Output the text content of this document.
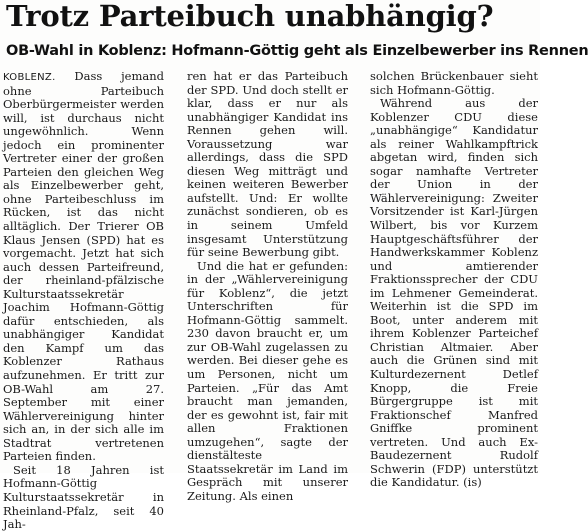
Trotz Parteibuch unabhängig?
OB-Wahl in Koblenz: Hofmann-Göttig geht als Einzelbewerber ins Rennen

KOBLENZ. Dass jemand ohne Parteibuch Oberbürgermeister werden will, ist durchaus nicht ungewöhnlich. Wenn jedoch ein prominenter Vertreter einer der großen Parteien den gleichen Weg als Einzelbewerber geht, ohne Parteibeschluss im Rücken, ist das nicht alltäglich. Der Trierer OB Klaus Jensen (SPD) hat es vorgemacht. Jetzt hat sich auch dessen Parteifreund, der rheinland-pfälzische Kulturstaatssekretär Joachim Hofmann-Göttig dafür entschieden, als unabhängiger Kandidat den Kampf um das Koblenzer Rathaus aufzunehmen. Er tritt zur OB-Wahl am 27. September mit einer Wählervereinigung hinter sich an, in der sich alle im Stadtrat vertretenen Parteien finden.

Seit 18 Jahren ist Hofmann-Göttig Kulturstaatssekretär in Rheinland-Pfalz, seit 40 Jah-

ren hat er das Parteibuch der SPD. Und doch stellt er klar, dass er nur als unabhängiger Kandidat ins Rennen gehen will. Voraussetzung war allerdings, dass die SPD diesen Weg mitträgt und keinen weiteren Bewerber aufstellt. Und: Er wollte zunächst sondieren, ob es in seinem Umfeld insgesamt Unterstützung für seine Bewerbung gibt.

Und die hat er gefunden: in der „Wählervereinigung für Koblenz“, die jetzt Unterschriften für Hofmann-Göttig sammelt. 230 davon braucht er, um zur OB-Wahl zugelassen zu werden. Bei dieser gehe es um Personen, nicht um Parteien. „Für das Amt braucht man jemanden, der es gewohnt ist, fair mit allen Fraktionen umzugehen“, sagte der dienstälteste Staatssekretär im Land im Gespräch mit unserer Zeitung. Als einen

solchen Brückenbauer sieht sich Hofmann-Göttig.

Während aus der Koblenzer CDU diese „unabhängige“ Kandidatur als reiner Wahlkampftrick abgetan wird, finden sich sogar namhafte Vertreter der Union in der Wählervereinigung: Zweiter Vorsitzender ist Karl-Jürgen Wilbert, bis vor Kurzem Hauptgeschäftsführer der Handwerkskammer Koblenz und amtierender Fraktionssprecher der CDU im Lehmener Gemeinderat. Weiterhin ist die SPD im Boot, unter anderem mit ihrem Koblenzer Parteichef Christian Altmaier. Aber auch die Grünen sind mit Kulturdezernent Detlef Knopp, die Freie Bürgergruppe ist mit Fraktionschef Manfred Gniffke prominent vertreten. Und auch Ex-Baudezernent Rudolf Schwerin (FDP) unterstützt die Kandidatur. (is)
